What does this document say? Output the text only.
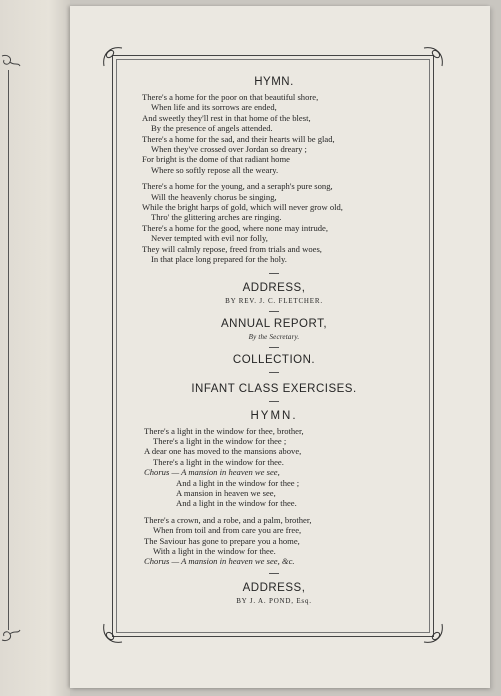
HYMN.
There's a home for the poor on that beautiful shore,
When life and its sorrows are ended,
And sweetly they'll rest in that home of the blest,
By the presence of angels attended.
There's a home for the sad, and their hearts will be glad,
When they've crossed over Jordan so dreary ;
For bright is the dome of that radiant home
Where so softly repose all the weary.
There's a home for the young, and a seraph's pure song,
Will the heavenly chorus be singing,
While the bright harps of gold, which will never grow old,
Thro' the glittering arches are ringing.
There's a home for the good, where none may intrude,
Never tempted with evil nor folly,
They will calmly repose, freed from trials and woes,
In that place long prepared for the holy.
ADDRESS,
BY REV. J. C. FLETCHER.
ANNUAL REPORT,
By the Secretary.
COLLECTION.
INFANT CLASS EXERCISES.
HYMN.
There's a light in the window for thee, brother,
There's a light in the window for thee ;
A dear one has moved to the mansions above,
There's a light in the window for thee.
Chorus — A mansion in heaven we see,
And a light in the window for thee ;
A mansion in heaven we see,
And a light in the window for thee.
There's a crown, and a robe, and a palm, brother,
When from toil and from care you are free,
The Saviour has gone to prepare you a home,
With a light in the window for thee.
Chorus — A mansion in heaven we see, &c.
ADDRESS,
BY J. A. POND, Esq.
